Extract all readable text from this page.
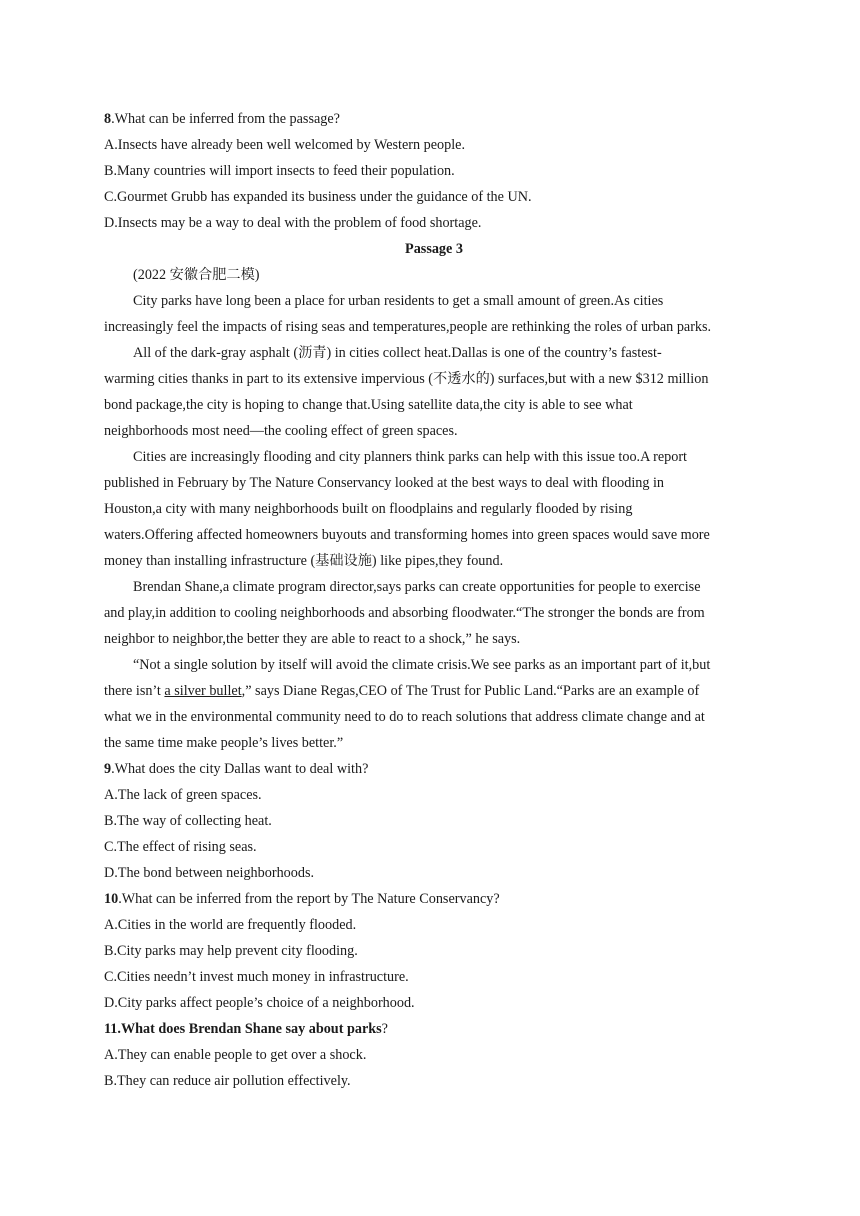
8.What can be inferred from the passage?
A.Insects have already been well welcomed by Western people.
B.Many countries will import insects to feed their population.
C.Gourmet Grubb has expanded its business under the guidance of the UN.
D.Insects may be a way to deal with the problem of food shortage.
Passage 3
(2022 安徽合肥二模)
City parks have long been a place for urban residents to get a small amount of green.As cities
increasingly feel the impacts of rising seas and temperatures,people are rethinking the roles of urban parks.
All of the dark-gray asphalt (沥青) in cities collect heat.Dallas is one of the country’s fastest-
warming cities thanks in part to its extensive impervious (不透水的) surfaces,but with a new $312 million
bond package,the city is hoping to change that.Using satellite data,the city is able to see what
neighborhoods most need—the cooling effect of green spaces.
Cities are increasingly flooding and city planners think parks can help with this issue too.A report
published in February by The Nature Conservancy looked at the best ways to deal with flooding in
Houston,a city with many neighborhoods built on floodplains and regularly flooded by rising
waters.Offering affected homeowners buyouts and transforming homes into green spaces would save more
money than installing infrastructure (基础设施) like pipes,they found.
Brendan Shane,a climate program director,says parks can create opportunities for people to exercise
and play,in addition to cooling neighborhoods and absorbing floodwater.“The stronger the bonds are from
neighbor to neighbor,the better they are able to react to a shock,” he says.
“Not a single solution by itself will avoid the climate crisis.We see parks as an important part of it,but
there isn’t a silver bullet,” says Diane Regas,CEO of The Trust for Public Land.“Parks are an example of
what we in the environmental community need to do to reach solutions that address climate change and at
the same time make people’s lives better.”
9.What does the city Dallas want to deal with?
A.The lack of green spaces.
B.The way of collecting heat.
C.The effect of rising seas.
D.The bond between neighborhoods.
10.What can be inferred from the report by The Nature Conservancy?
A.Cities in the world are frequently flooded.
B.City parks may help prevent city flooding.
C.Cities needn’t invest much money in infrastructure.
D.City parks affect people’s choice of a neighborhood.
11.What does Brendan Shane say about parks?
A.They can enable people to get over a shock.
B.They can reduce air pollution effectively.
